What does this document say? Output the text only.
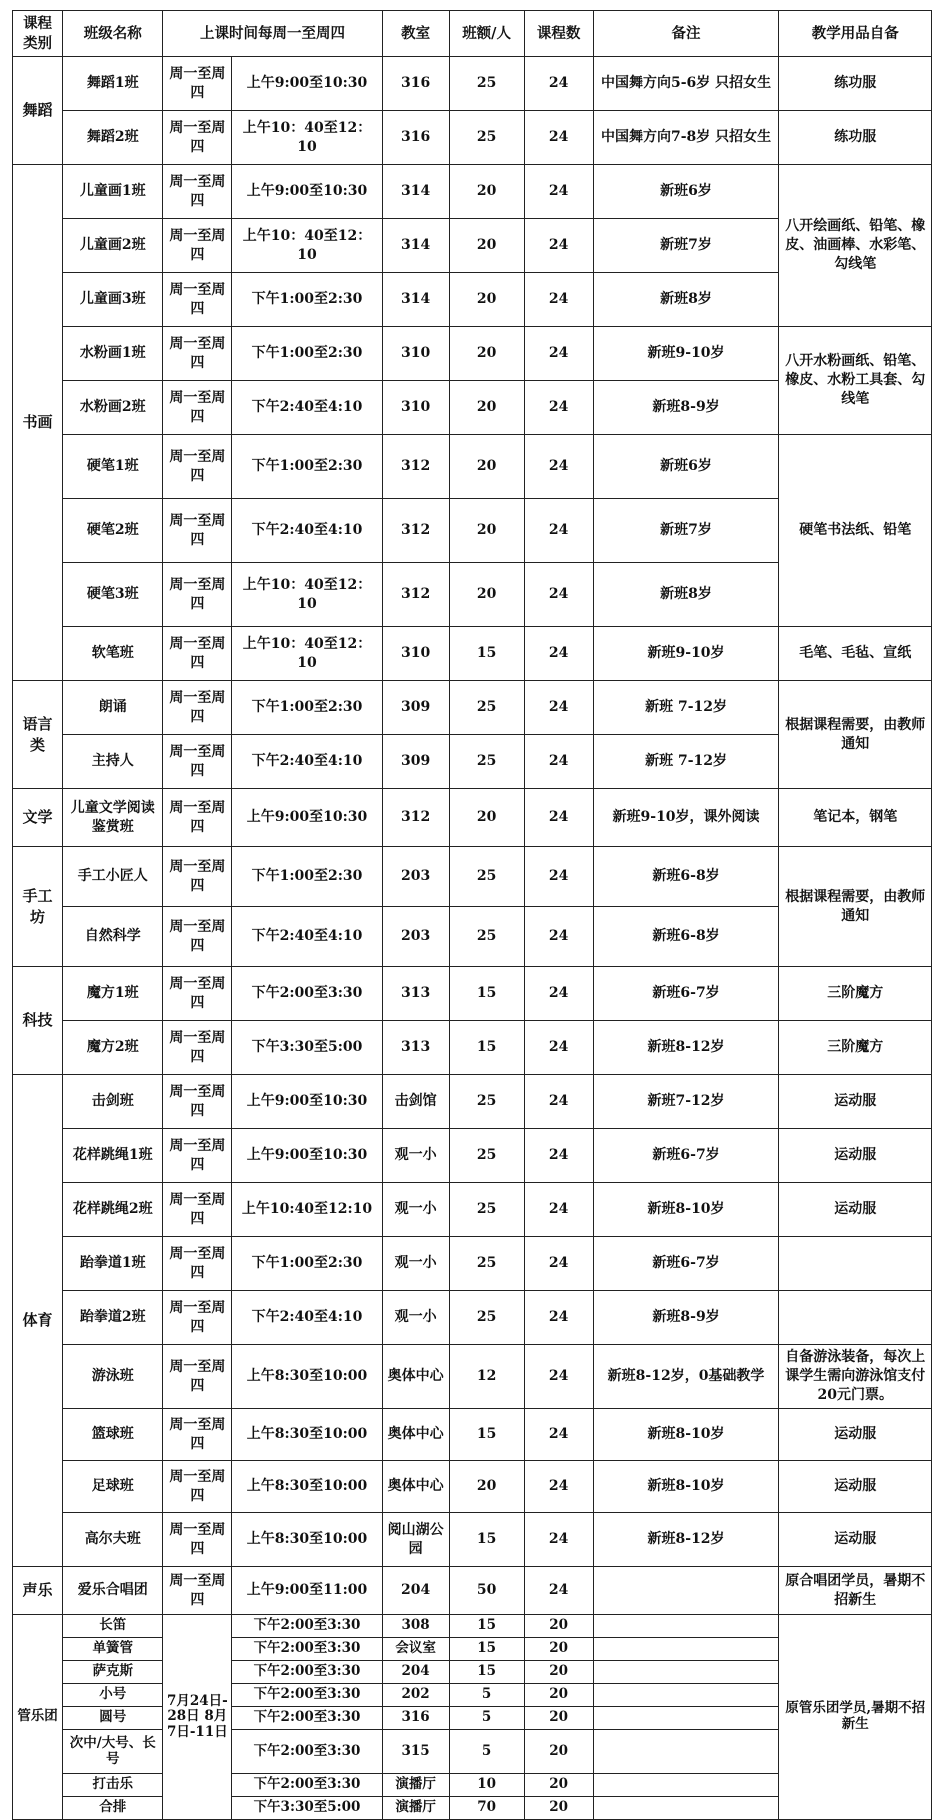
课程类别	班级名称	上课时间每周一至周四		教室	班额/人	课程数	备注	教学用品自备
舞蹈	舞蹈1班	周一至周四	上午9:00至10:30	316	25	24	中国舞方向5-6岁 只招女生	练功服
	舞蹈2班	周一至周四	上午10：40至12：10	316	25	24	中国舞方向7-8岁 只招女生	练功服
书画	儿童画1班	周一至周四	上午9:00至10:30	314	20	24	新班6岁	八开绘画纸、铅笔、橡皮、油画棒、水彩笔、勾线笔
	儿童画2班	周一至周四	上午10：40至12：10	314	20	24	新班7岁	
	儿童画3班	周一至周四	下午1:00至2:30	314	20	24	新班8岁	
	水粉画1班	周一至周四	下午1:00至2:30	310	20	24	新班9-10岁	八开水粉画纸、铅笔、橡皮、水粉工具套、勾线笔
	水粉画2班	周一至周四	下午2:40至4:10	310	20	24	新班8-9岁	
	硬笔1班	周一至周四	下午1:00至2:30	312	20	24	新班6岁	硬笔书法纸、铅笔
	硬笔2班	周一至周四	下午2:40至4:10	312	20	24	新班7岁	
	硬笔3班	周一至周四	上午10：40至12：10	312	20	24	新班8岁	
	软笔班	周一至周四	上午10：40至12：10	310	15	24	新班9-10岁	毛笔、毛毡、宣纸
语言类	朗诵	周一至周四	下午1:00至2:30	309	25	24	新班 7-12岁	根据课程需要，由教师通知
	主持人	周一至周四	下午2:40至4:10	309	25	24	新班 7-12岁	
文学	儿童文学阅读鉴赏班	周一至周四	上午9:00至10:30	312	20	24	新班9-10岁，课外阅读	笔记本，钢笔
手工坊	手工小匠人	周一至周四	下午1:00至2:30	203	25	24	新班6-8岁	根据课程需要，由教师通知
	自然科学	周一至周四	下午2:40至4:10	203	25	24	新班6-8岁	
科技	魔方1班	周一至周四	下午2:00至3:30	313	15	24	新班6-7岁	三阶魔方
	魔方2班	周一至周四	下午3:30至5:00	313	15	24	新班8-12岁	三阶魔方
体育	击剑班	周一至周四	上午9:00至10:30	击剑馆	25	24	新班7-12岁	运动服
	花样跳绳1班	周一至周四	上午9:00至10:30	观一小	25	24	新班6-7岁	运动服
	花样跳绳2班	周一至周四	上午10:40至12:10	观一小	25	24	新班8-10岁	运动服
	跆拳道1班	周一至周四	下午1:00至2:30	观一小	25	24	新班6-7岁	
	跆拳道2班	周一至周四	下午2:40至4:10	观一小	25	24	新班8-9岁	
	游泳班	周一至周四	上午8:30至10:00	奥体中心	12	24	新班8-12岁，0基础教学	自备游泳装备，每次上课学生需向游泳馆支付20元门票。
	篮球班	周一至周四	上午8:30至10:00	奥体中心	15	24	新班8-10岁	运动服
	足球班	周一至周四	上午8:30至10:00	奥体中心	20	24	新班8-10岁	运动服
	高尔夫班	周一至周四	上午8:30至10:00	阅山湖公园	15	24	新班8-12岁	运动服
声乐	爱乐合唱团	周一至周四	上午9:00至11:00	204	50	24		原合唱团学员，暑期不招新生
管乐团	长笛	7月24日-28日 8月7日-11日	下午2:00至3:30	308	15	20		原管乐团学员,暑期不招新生
	单簧管		下午2:00至3:30	会议室	15	20		
	萨克斯		下午2:00至3:30	204	15	20		
	小号		下午2:00至3:30	202	5	20		
	圆号		下午2:00至3:30	316	5	20		
	次中/大号、长号		下午2:00至3:30	315	5	20		
	打击乐		下午2:00至3:30	演播厅	10	20		
	合排		下午3:30至5:00	演播厅	70	20		
